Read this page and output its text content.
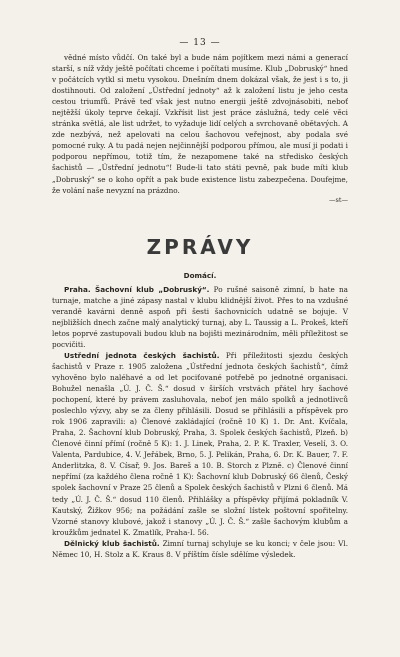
— 13 —

vědné místo vůdčí. On také byl a bude nám pojítkem mezi námi a generací starší, s níž vždy ještě počítati chceme i počítati musíme. Klub „Dobruský“ hned v počátcích vytkl si metu vysokou. Dnešním dnem dokázal však, že jest i s to, ji dostihnouti. Od založení „Ústřední jednoty“ až k založení listu je jeho cesta cestou triumfů. Právě teď však jest nutno energii ještě zdvojnásobiti, neboť nejtěžší úkoly teprve čekají. Vzkřísit list jest práce záslužná, tedy celé věci stránka světlá, ale list udržet, to vyžaduje lidí celých a svrchovaně obětavých. A zde nezbývá, než apelovati na celou šachovou veřejnost, aby podala své pomocné ruky. A tu padá nejen nejčinnější podporou přímou, ale musí ji podati i podporou nepřímou, totiž tím, že nezapomene také na středisko českých šachistů — „Ústřední jednotu“! Bude-li tato státi pevně, pak bude míti klub „Dobruský“ se o koho opřít a pak bude existence listu zabezpečena. Doufejme, že volání naše nevyzní na prázdno.

—st—

ZPRÁVY
Domácí.

Praha. Šachovní klub „Dobruský“. Po rušné saisoně zimní, b hate na turnaje, matche a jiné zápasy nastal v klubu klidnější život. Přes to na vzdušné verandě kavárni denně aspoň při šesti šachovnicích udatně se bojuje. V nejbližších dnech začne malý analytický turnaj, aby L. Taussig a L. Prokeš, kteří letos poprvé zastupovali budou klub na bojišti mezinárodním, měli příležitost se pocvičiti.

Ustřední jednota českých šachistů. Při příležitosti sjezdu českých šachistů v Praze r. 1905 založena „Ústřední jednota českých šachistů“, čímž vyhověno bylo naléhavé a od let pociťované potřebě po jednotné organisaci. Bohužel nenašla „Ú. J. Č. Š.“ dosud v širších vrstvách přátel hry šachové pochopení, které by právem zasluhovala, neboť jen málo spolků a jednotlivců poslechlo výzvy, aby se za členy přihlásili. Dosud se přihlásili a příspěvek pro rok 1906 zapravili: a) Členové zakládající (ročně 10 K) 1. Dr. Ant. Kvíčala, Praha, 2. Šachovní klub Dobruský, Praha, 3. Spolek českých šachistů, Plzeň. b) Členové činní přímí (ročně 5 K): 1. J. Linek, Praha, 2. P. K. Traxler, Veselí, 3. O. Valenta, Pardubice, 4. V. Jeřábek, Brno, 5. J. Pelikán, Praha, 6. Dr. K. Bauer, 7. F. Anderlitzka, 8. V. Císař, 9. Jos. Bareš a 10. B. Storch z Plzně. c) Členové činní nepřímí (za každého člena ročně 1 K): Šachovní klub Dobruský 66 členů, Český spolek šachovní v Praze 25 členů a Spolek českých šachistů v Plzni 6 členů. Má tedy „Ú. J. Č. Š.“ dosud 110 členů. Přihlášky a příspěvky přijímá pokladník V. Kautský, Žižkov 956; na požádání zašle se složní lístek poštovní spořitelny. Vzorné stanovy klubové, jakož i stanovy „Ú. J. Č. Š.“ zašle šachovým klubům a kroužkům jednatel K. Zmatlík, Praha-I. 56.

Dělnický klub šachistů. Zimní turnaj schyluje se ku konci; v čele jsou: Vl. Němec 10, H. Stolz a K. Kraus 8. V příštím čísle sdělíme výsledek.
